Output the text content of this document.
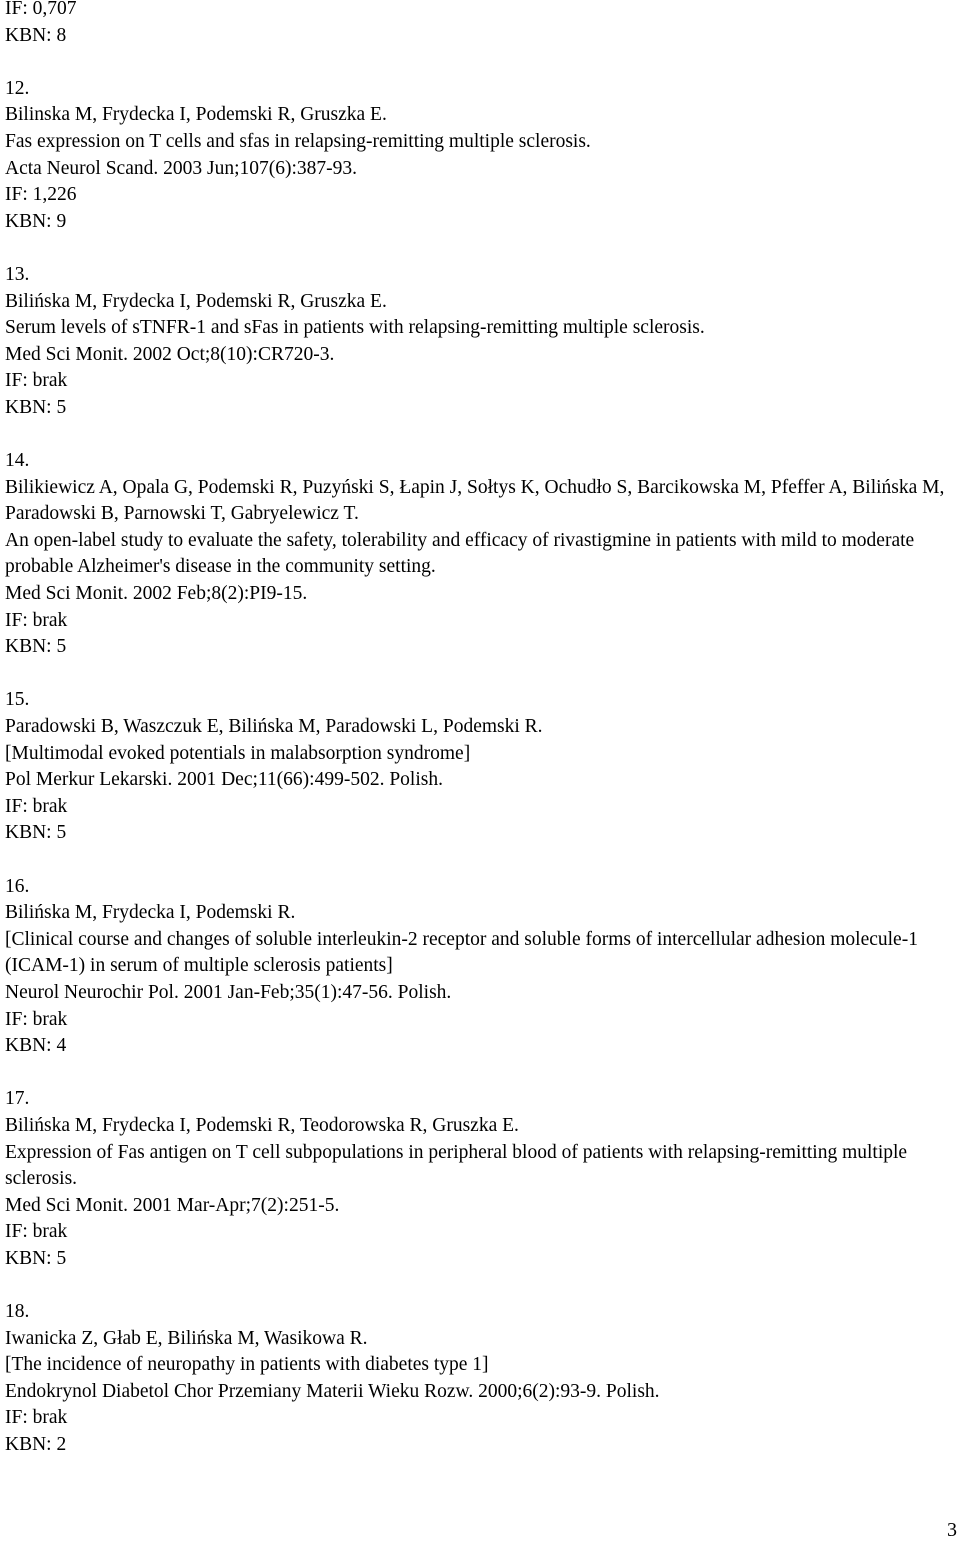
IF: 0,707
KBN: 8
12.
Bilinska M, Frydecka I, Podemski R, Gruszka E.
Fas expression on T cells and sfas in relapsing-remitting multiple sclerosis.
Acta Neurol Scand. 2003 Jun;107(6):387-93.
IF: 1,226
KBN: 9
13.
Bilińska M, Frydecka I, Podemski R, Gruszka E.
Serum levels of sTNFR-1 and sFas in patients with relapsing-remitting multiple sclerosis.
Med Sci Monit. 2002 Oct;8(10):CR720-3.
IF: brak
KBN: 5
14.
Bilikiewicz A, Opala G, Podemski R, Puzyński S, Łapin J, Sołtys K, Ochudło S, Barcikowska M, Pfeffer A, Bilińska M, Paradowski B, Parnowski T, Gabryelewicz T.
An open-label study to evaluate the safety, tolerability and efficacy of rivastigmine in patients with mild to moderate probable Alzheimer's disease in the community setting.
Med Sci Monit. 2002 Feb;8(2):PI9-15.
IF: brak
KBN: 5
15.
Paradowski B, Waszczuk E, Bilińska M, Paradowski L, Podemski R.
[Multimodal evoked potentials in malabsorption syndrome]
Pol Merkur Lekarski. 2001 Dec;11(66):499-502. Polish.
IF: brak
KBN: 5
16.
Bilińska M, Frydecka I, Podemski R.
[Clinical course and changes of soluble interleukin-2 receptor and soluble forms of intercellular adhesion molecule-1 (ICAM-1) in serum of multiple sclerosis patients]
Neurol Neurochir Pol. 2001 Jan-Feb;35(1):47-56. Polish.
IF: brak
KBN: 4
17.
Bilińska M, Frydecka I, Podemski R, Teodorowska R, Gruszka E.
Expression of Fas antigen on T cell subpopulations in peripheral blood of patients with relapsing-remitting multiple sclerosis.
Med Sci Monit. 2001 Mar-Apr;7(2):251-5.
IF: brak
KBN: 5
18.
Iwanicka Z, Głab E, Bilińska M, Wasikowa R.
[The incidence of neuropathy in patients with diabetes type 1]
Endokrynol Diabetol Chor Przemiany Materii Wieku Rozw. 2000;6(2):93-9. Polish.
IF: brak
KBN: 2
3
